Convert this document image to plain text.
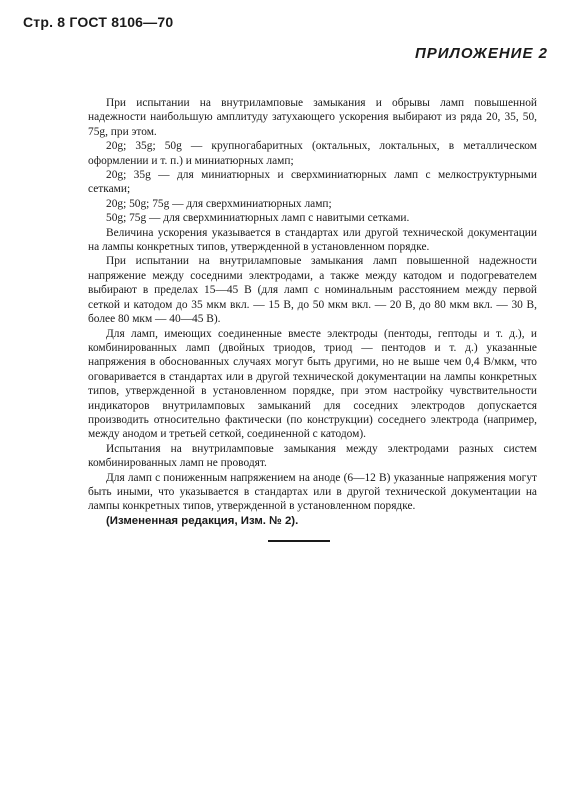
Стр. 8 ГОСТ 8106—70
ПРИЛОЖЕНИЕ 2

При испытании на внутриламповые замыкания и обрывы ламп повышенной надежности наибольшую амплитуду затухающего ускорения выбирают из ряда 20, 35, 50, 75g, при этом.

20g; 35g; 50g — крупногабаритных (октальных, локтальных, в металлическом оформлении и т. п.) и миниатюрных ламп;

20g; 35g — для миниатюрных и сверхминиатюрных ламп с мелкоструктурными сетками;

20g; 50g; 75g — для сверхминиатюрных ламп;

50g; 75g — для сверхминиатюрных ламп с навитыми сетками.

Величина ускорения указывается в стандартах или другой технической документации на лампы конкретных типов, утвержденной в установленном порядке.

При испытании на внутриламповые замыкания ламп повышенной надежности напряжение между соседними электродами, а также между катодом и подогревателем выбирают в пределах 15—45 В (для ламп с номинальным расстоянием между первой сеткой и катодом до 35 мкм вкл. — 15 В, до 50 мкм вкл. — 20 В, до 80 мкм вкл. — 30 В, более 80 мкм — 40—45 В).

Для ламп, имеющих соединенные вместе электроды (пентоды, гептоды и т. д.), и комбинированных ламп (двойных триодов, триод — пентодов и т. д.) указанные напряжения в обоснованных случаях могут быть другими, но не выше чем 0,4 В/мкм, что оговаривается в стандартах или в другой технической документации на лампы конкретных типов, утвержденной в установленном порядке, при этом настройку чувствительности индикаторов внутриламповых замыканий для соседних электродов допускается производить относительно фактически (по конструкции) соседнего электрода (например, между анодом и третьей сеткой, соединенной с катодом).

Испытания на внутриламповые замыкания между электродами разных систем комбинированных ламп не проводят.

Для ламп с пониженным напряжением на аноде (6—12 В) указанные напряжения могут быть иными, что указывается в стандартах или в другой технической документации на лампы конкретных типов, утвержденной в установленном порядке.

(Измененная редакция, Изм. № 2).
